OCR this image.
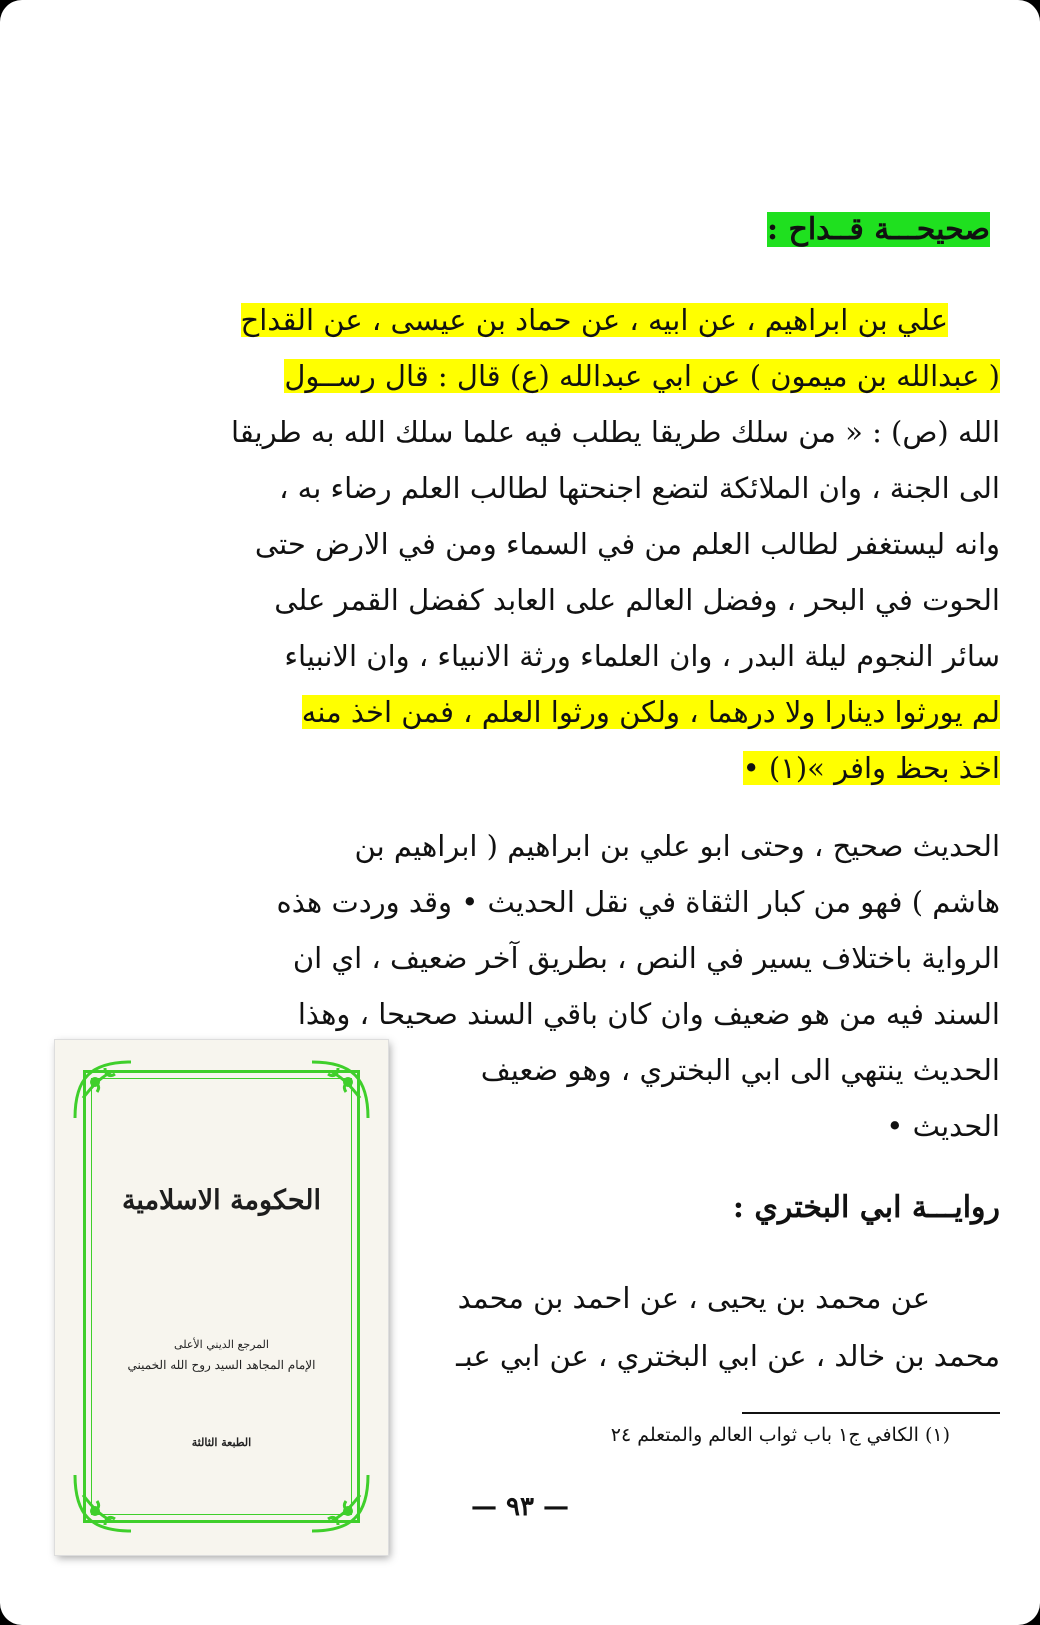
صحيحـــة قــداح :
علي بن ابراهيم ، عن ابيه ، عن حماد بن عيسى ، عن القداح
( عبدالله بن ميمون ) عن ابي عبدالله (ع) قال : قال رســول
الله (ص) : « من سلك طريقا يطلب فيه علما سلك الله به طريقا
الى الجنة ، وان الملائكة لتضع اجنحتها لطالب العلم رضاء به ،
وانه ليستغفر لطالب العلم من في السماء ومن في الارض حتى
الحوت في البحر ، وفضل العالم على العابد كفضل القمر على
سائر النجوم ليلة البدر ، وان العلماء ورثة الانبياء ، وان الانبياء
لم يورثوا دينارا ولا درهما ، ولكن ورثوا العلم ، فمن اخذ منه
اخذ بحظ وافر »(١) •
الحديث صحيح ، وحتى ابو علي بن ابراهيم ( ابراهيم بن
هاشم ) فهو من كبار الثقاة في نقل الحديث • وقد وردت هذه
الرواية باختلاف يسير في النص ، بطريق آخر ضعيف ، اي ان
السند فيه من هو ضعيف وان كان باقي السند صحيحا ، وهذا
الحديث ينتهي الى ابي البختري ، وهو ضعيف
الحديث •
روايـــة ابي البختري :
عن محمد بن يحيى ، عن احمد بن محمد
محمد بن خالد ، عن ابي البختري ، عن ابي عبـ
(١) الكافي ج١ باب ثواب العالم والمتعلم ٢٤
— ٩٣ —
الحكومة الاسلامية
المرجع الديني الأعلى
الإمام المجاهد السيد روح الله الخميني
الطبعة الثالثة
